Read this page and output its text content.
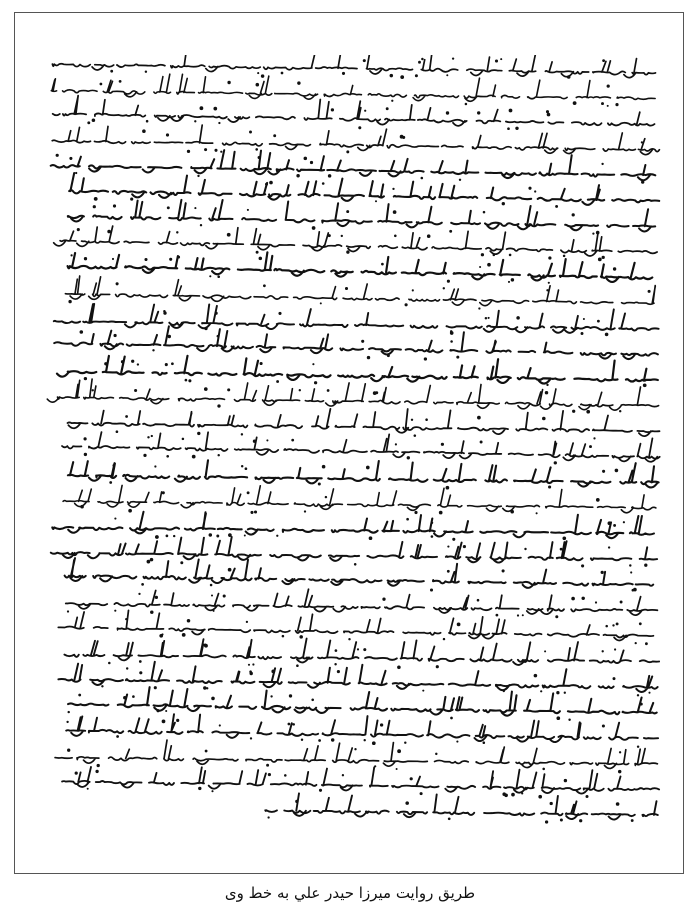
طريق روايت ميرزا حيدر علي به خط وى
